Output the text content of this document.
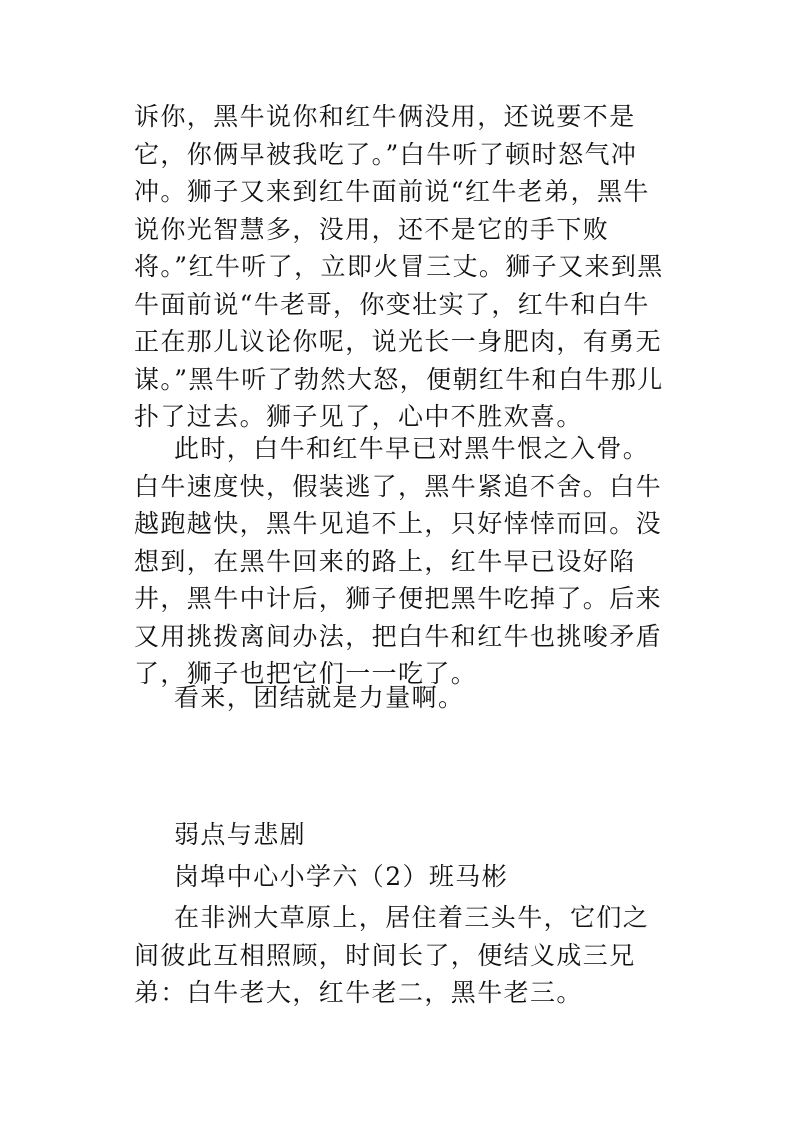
诉你，黑牛说你和红牛俩没用，还说要不是它，你俩早被我吃了。”白牛听了顿时怒气冲冲。狮子又来到红牛面前说“红牛老弟，黑牛说你光智慧多，没用，还不是它的手下败将。”红牛听了，立即火冒三丈。狮子又来到黑牛面前说“牛老哥，你变壮实了，红牛和白牛正在那儿议论你呢，说光长一身肥肉，有勇无谋。”黑牛听了勃然大怒，便朝红牛和白牛那儿扑了过去。狮子见了，心中不胜欢喜。

此时，白牛和红牛早已对黑牛恨之入骨。白牛速度快，假装逃了，黑牛紧追不舍。白牛越跑越快，黑牛见追不上，只好悻悻而回。没想到，在黑牛回来的路上，红牛早已设好陷井，黑牛中计后，狮子便把黑牛吃掉了。后来又用挑拨离间办法，把白牛和红牛也挑唆矛盾了，狮子也把它们一一吃了。

看来，团结就是力量啊。

弱点与悲剧

岗埠中心小学六（2）班马彬

在非洲大草原上，居住着三头牛，它们之间彼此互相照顾，时间长了，便结义成三兄弟：白牛老大，红牛老二，黑牛老三。
